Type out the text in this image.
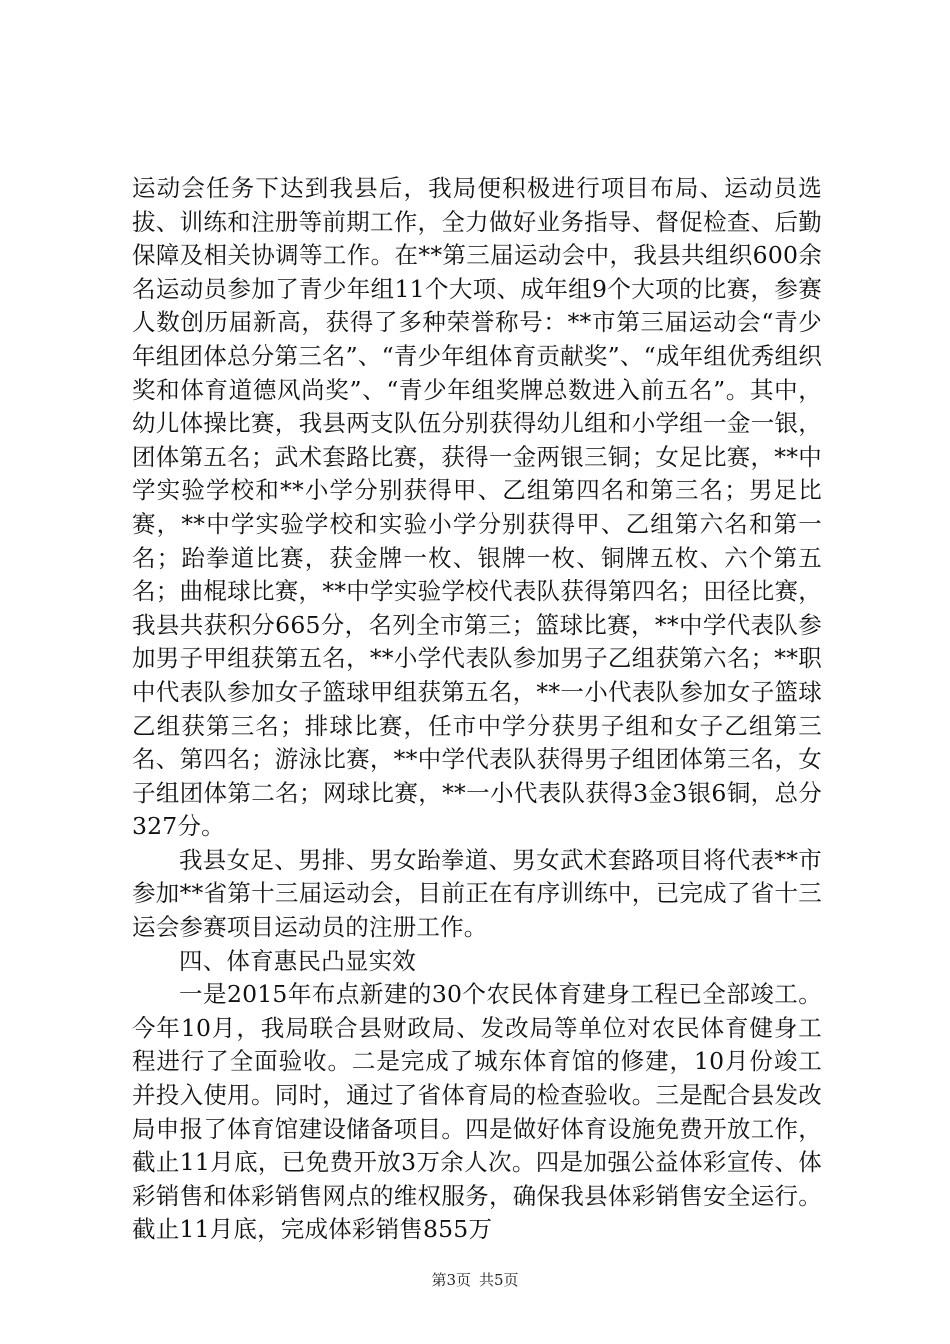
运动会任务下达到我县后，我局便积极进行项目布局、运动员选拔、训练和注册等前期工作，全力做好业务指导、督促检查、后勤保障及相关协调等工作。在**第三届运动会中，我县共组织600余名运动员参加了青少年组11个大项、成年组9个大项的比赛，参赛人数创历届新高，获得了多种荣誉称号：**市第三届运动会“青少年组团体总分第三名”、“青少年组体育贡献奖”、“成年组优秀组织奖和体育道德风尚奖”、“青少年组奖牌总数进入前五名”。其中，幼儿体操比赛，我县两支队伍分别获得幼儿组和小学组一金一银，团体第五名；武术套路比赛，获得一金两银三铜；女足比赛，**中学实验学校和**小学分别获得甲、乙组第四名和第三名；男足比赛，**中学实验学校和实验小学分别获得甲、乙组第六名和第一名；跆拳道比赛，获金牌一枚、银牌一枚、铜牌五枚、六个第五名；曲棍球比赛，**中学实验学校代表队获得第四名；田径比赛，我县共获积分665分，名列全市第三；篮球比赛，**中学代表队参加男子甲组获第五名，**小学代表队参加男子乙组获第六名；**职中代表队参加女子篮球甲组获第五名，**一小代表队参加女子篮球乙组获第三名；排球比赛，任市中学分获男子组和女子乙组第三名、第四名；游泳比赛，**中学代表队获得男子组团体第三名，女子组团体第二名；网球比赛，**一小代表队获得3金3银6铜，总分327分。

我县女足、男排、男女跆拳道、男女武术套路项目将代表**市参加**省第十三届运动会，目前正在有序训练中，已完成了省十三运会参赛项目运动员的注册工作。

四、体育惠民凸显实效

一是2015年布点新建的30个农民体育建身工程已全部竣工。今年10月，我局联合县财政局、发改局等单位对农民体育健身工程进行了全面验收。二是完成了城东体育馆的修建，10月份竣工并投入使用。同时，通过了省体育局的检查验收。三是配合县发改局申报了体育馆建设储备项目。四是做好体育设施免费开放工作，截止11月底，已免费开放3万余人次。四是加强公益体彩宣传、体彩销售和体彩销售网点的维权服务，确保我县体彩销售安全运行。截止11月底，完成体彩销售855万

第3页 共5页
